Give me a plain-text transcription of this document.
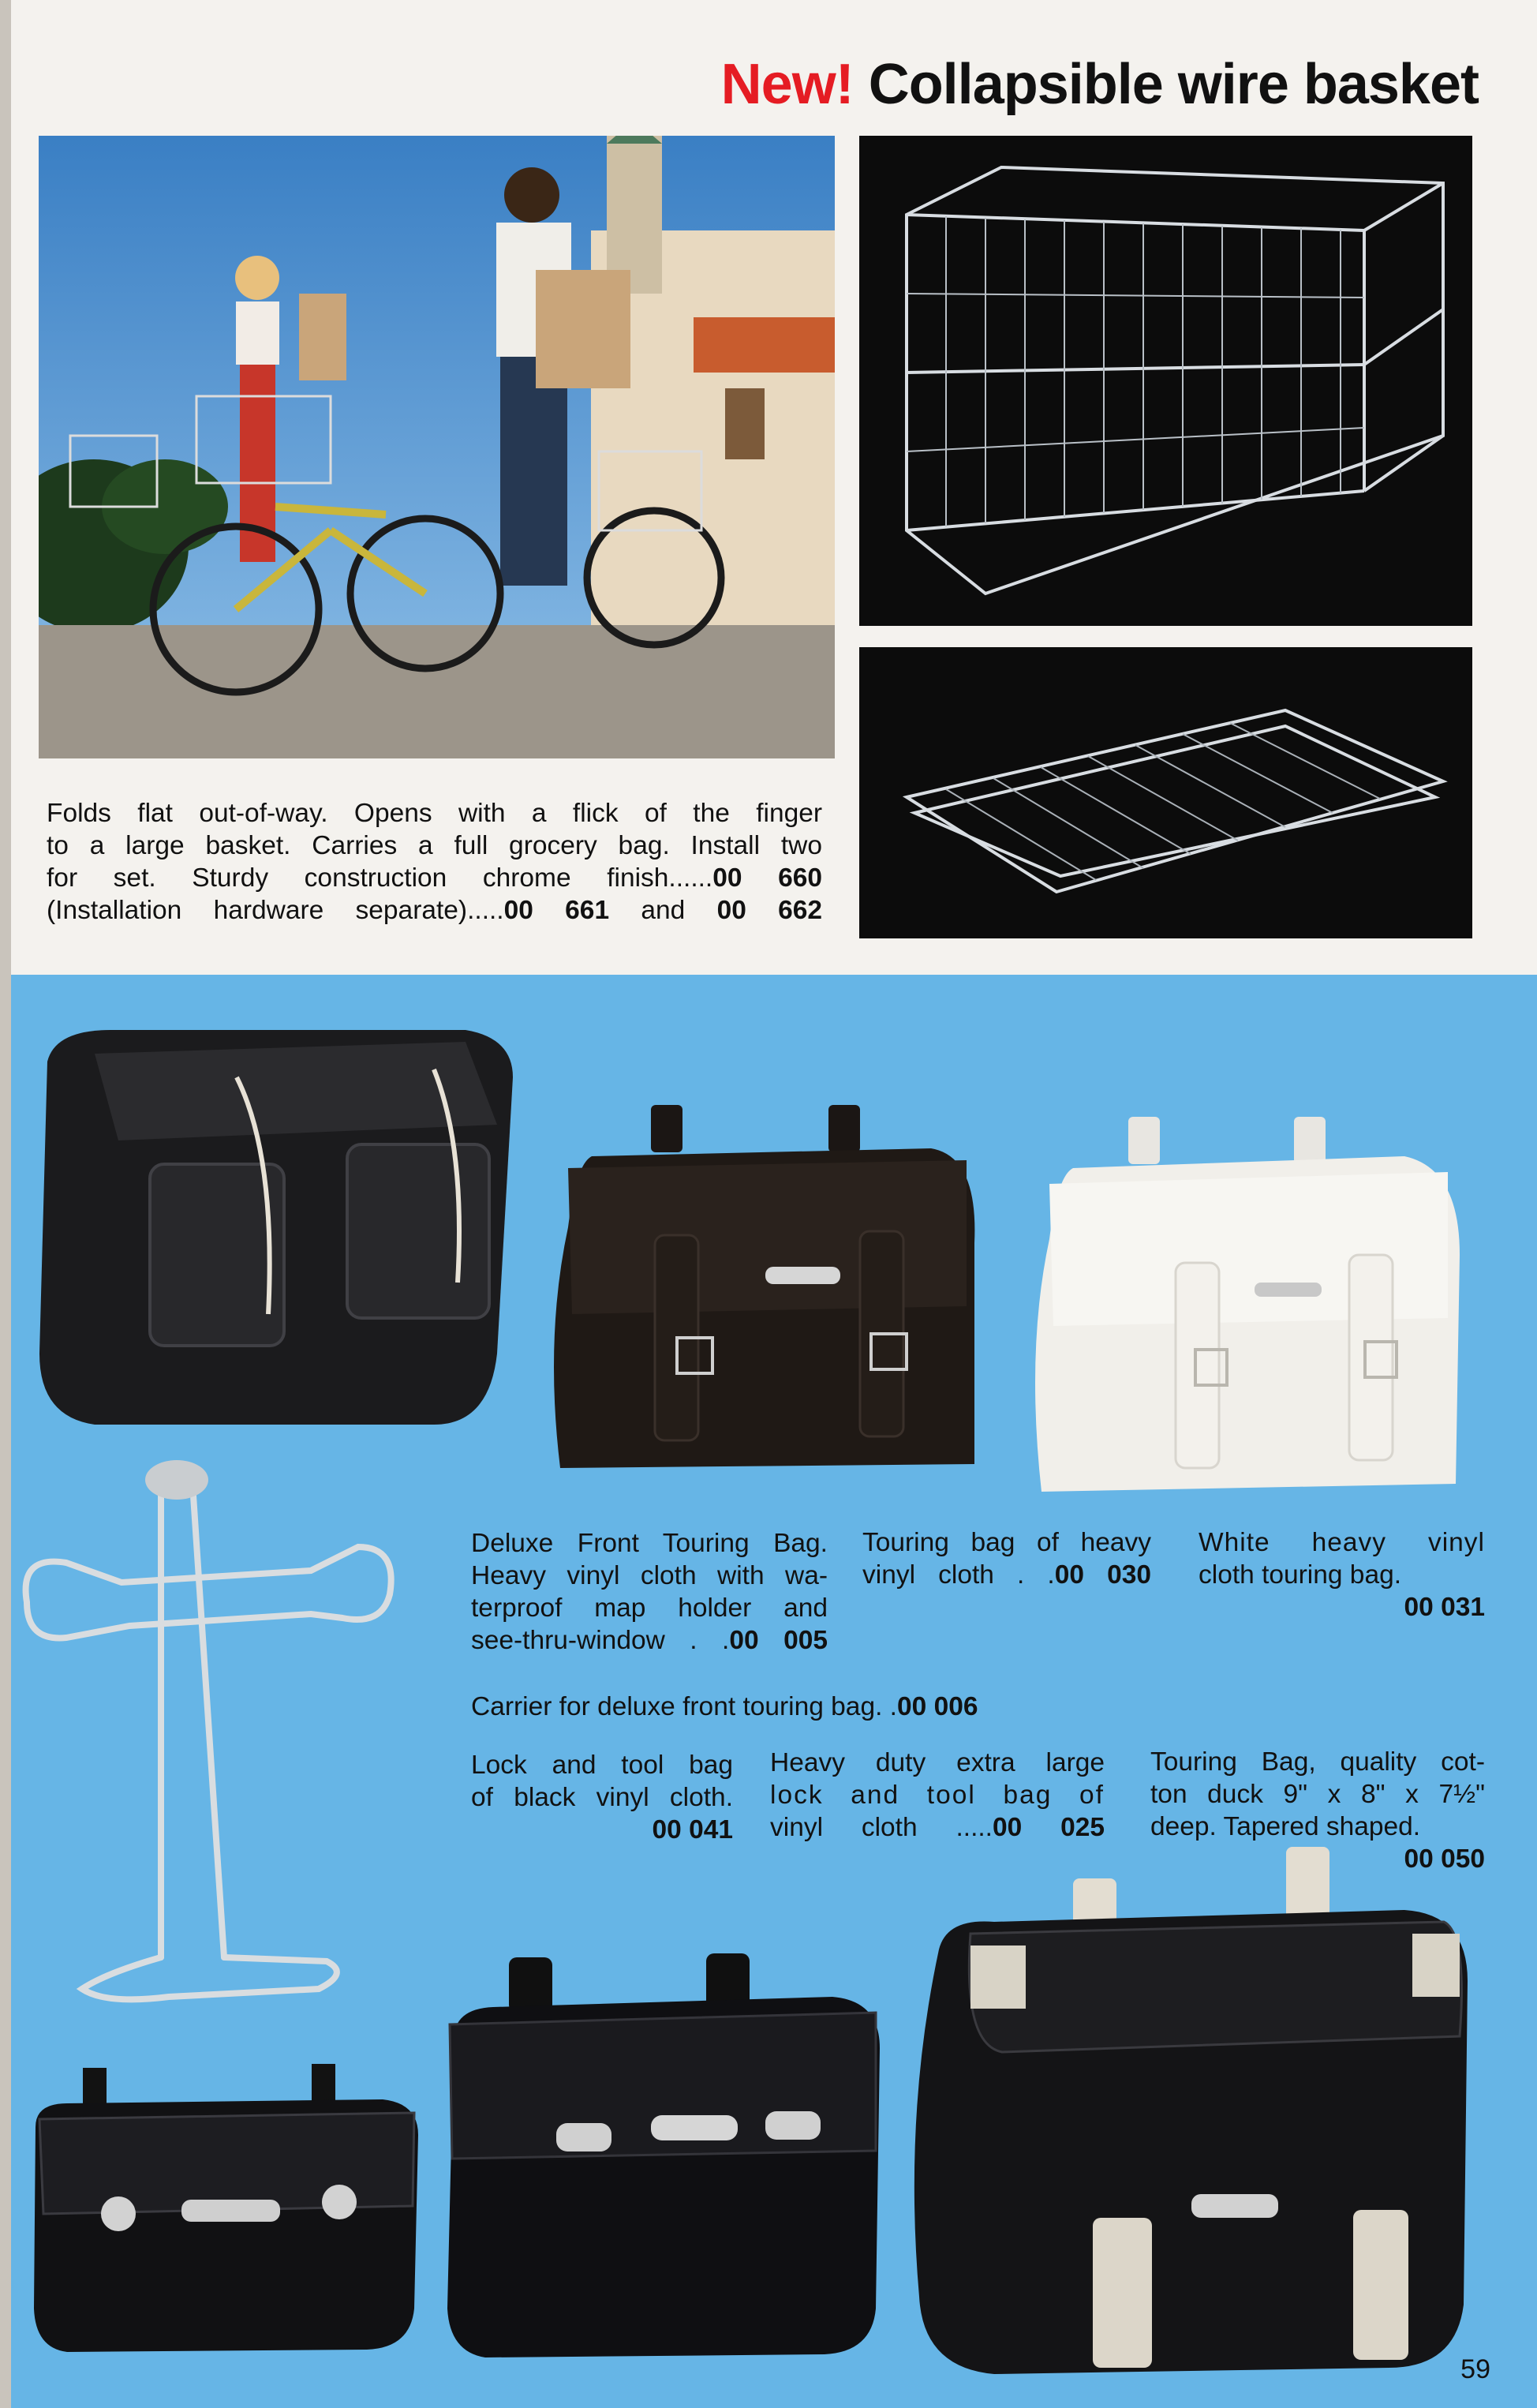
New! Collapsible wire basket

Folds flat out-of-way. Opens with a flick of the finger

to a large basket. Carries a full grocery bag. Install two

for set. Sturdy construction chrome finish......00 660

(Installation hardware separate).....00 661 and 00 662

Deluxe Front Touring Bag.

Heavy vinyl cloth with wa-

terproof map holder and

see-thru-window . .00 005

Touring bag of heavy

vinyl cloth . .00 030

White heavy vinyl

cloth touring bag.

00 031

Carrier for deluxe front touring bag. .00 006

Lock and tool bag

of black vinyl cloth.

00 041

Heavy duty extra large

lock and tool bag of

vinyl cloth .....00 025

Touring Bag, quality cot-

ton duck 9" x 8" x 7½"

deep. Tapered shaped.

00 050

59
